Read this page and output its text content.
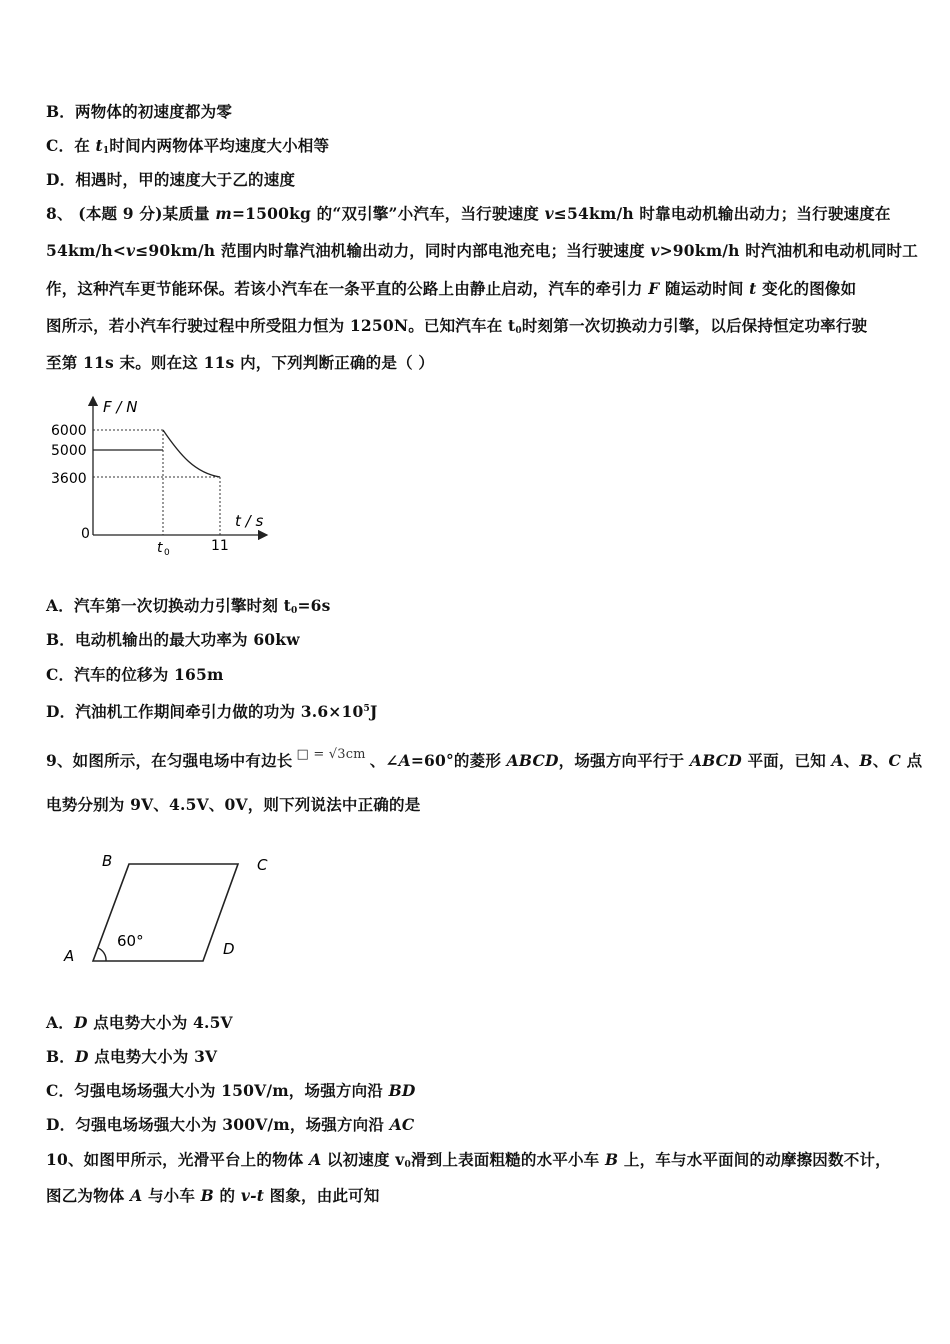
B．两物体的初速度都为零
C．在 $t_1$时间内两物体平均速度大小相等
D．相遇时，甲的速度大于乙的速度
8、 (本题 9 分)某质量 m=1500kg 的“双引擎”小汽车，当行驶速度 v≤54km/h 时靠电动机输出动力；当行驶速度在
54km/h<v≤90km/h 范围内时靠汽油机输出动力，同时内部电池充电；当行驶速度 v>90km/h 时汽油机和电动机同时工
作，这种汽车更节能环保。若该小汽车在一条平直的公路上由静止启动，汽车的牵引力 F 随运动时间 t 变化的图像如
图所示，若小汽车行驶过程中所受阻力恒为 1250N。已知汽车在 $t_0$时刻第一次切换动力引擎，以后保持恒定功率行驶
至第 11s 末。则在这 11s 内，下列判断正确的是（ ）
F / N
t / s
6000
5000
3600
0
t 0	11
A．汽车第一次切换动力引擎时刻 $t_0=6s$
B．电动机输出的最大功率为 60kw
C．汽车的位移为 165m
D．汽油机工作期间牵引力做的功为 $3.6\times 10^5J$
9、如图所示，在匀强电场中有边长 □ = √3cm 、∠A=60°的菱形 ABCD，场强方向平行于 ABCD 平面，已知 A、B、C 点
电势分别为 9V、4.5V、0V，则下列说法中正确的是
B	C
A	D
60°
A．D 点电势大小为 4.5V
B．D 点电势大小为 3V
C．匀强电场场强大小为 150V/m，场强方向沿 BD
D．匀强电场场强大小为 300V/m，场强方向沿 AC
10、如图甲所示，光滑平台上的物体 A 以初速度 $v_0$滑到上表面粗糙的水平小车 B 上，车与水平面间的动摩擦因数不计，
图乙为物体 A 与小车 B 的 v-t 图象，由此可知
